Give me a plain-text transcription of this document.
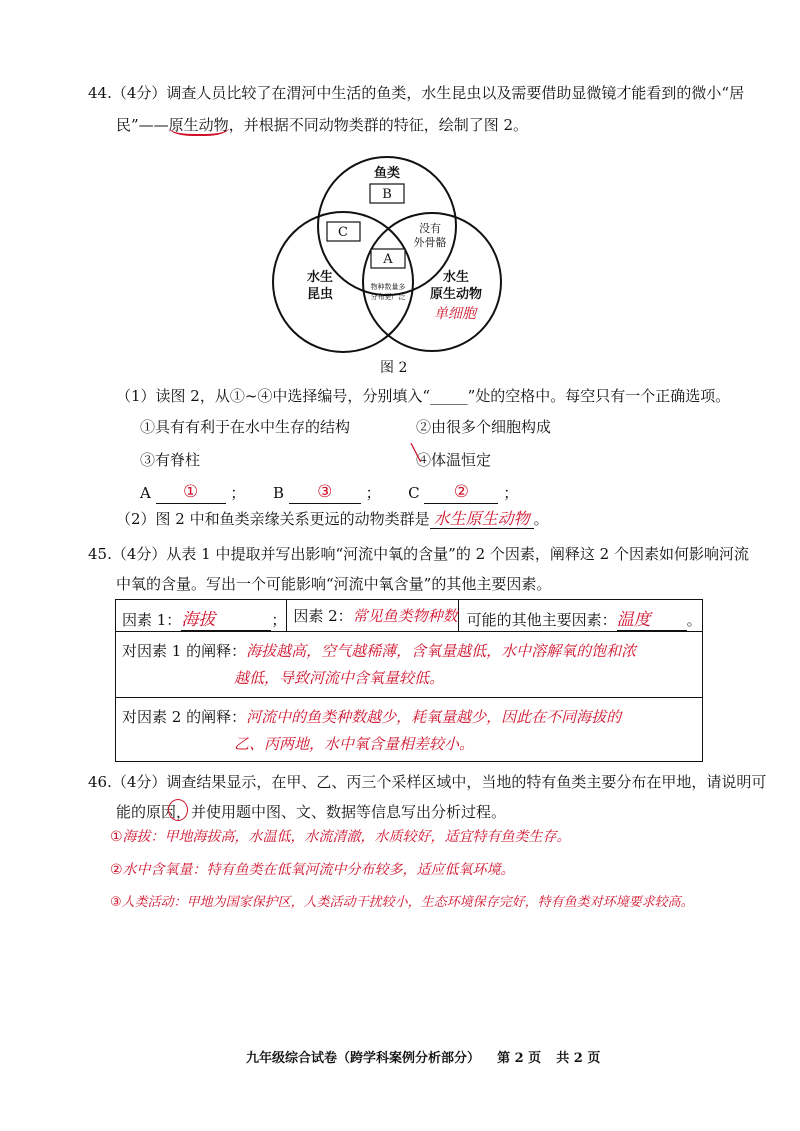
44.（4分）调查人员比较了在渭河中生活的鱼类，水生昆虫以及需要借助显微镜才能看到的微小“居
民”——原生动物，并根据不同动物类群的特征，绘制了图 2。
鱼类
B
C
A
没有
外骨骼
水生
昆虫
水生
原生动物
物种数量多
分布更广泛
单细胞
图 2
（1）读图 2，从①~④中选择编号，分别填入“_____”处的空格中。每空只有一个正确选项。
①具有有利于在水中生存的结构	②由很多个细胞构成
③有脊柱	④体温恒定
╲
A	①	； B	③	； C	②	；
（2）图 2 中和鱼类亲缘关系更远的动物类群是 水生原生动物 。
45.（4分）从表 1 中提取并写出影响“河流中氧的含量”的 2 个因素，阐释这 2 个因素如何影响河流
中氧的含量。写出一个可能影响“河流中氧含量”的其他主要因素。
因素 1：海拔	；	因素 2：常见鱼类物种数	可能的其他主要因素：温度 。

对因素 1 的阐释：海拔越高，空气越稀薄，含氧量越低，水中溶解氧的饱和浓
越低，导致河流中含氧量较低。

对因素 2 的阐释：河流中的鱼类种数越少，耗氧量越少，因此在不同海拔的
乙、丙两地，水中氧含量相差较小。
46.（4分）调查结果显示，在甲、乙、丙三个采样区域中，当地的特有鱼类主要分布在甲地，请说明可
能的原因，并使用题中图、文、数据等信息写出分析过程。
①海拔：甲地海拔高，水温低，水流清澈，水质较好，适宜特有鱼类生存。
②水中含氧量：特有鱼类在低氧河流中分布较多，适应低氧环境。
③人类活动：甲地为国家保护区，人类活动干扰较小，生态环境保存完好，特有鱼类对环境要求较高。
九年级综合试卷（跨学科案例分析部分） 第 2 页 共 2 页
